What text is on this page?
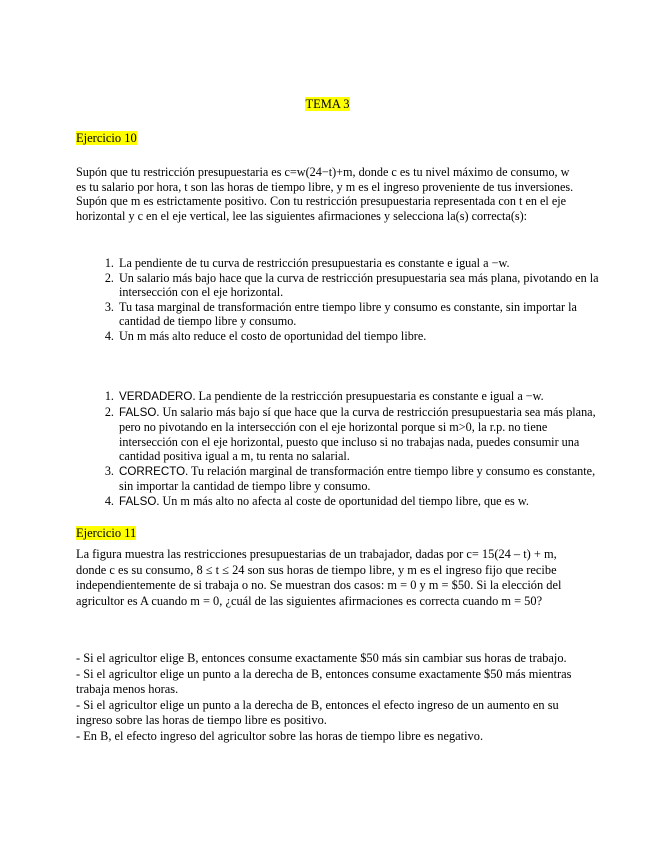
TEMA 3
Ejercicio 10
Supón que tu restricción presupuestaria es c=w(24−t)+m, donde c es tu nivel máximo de consumo, w es tu salario por hora, t son las horas de tiempo libre, y m es el ingreso proveniente de tus inversiones. Supón que m es estrictamente positivo. Con tu restricción presupuestaria representada con t en el eje horizontal y c en el eje vertical, lee las siguientes afirmaciones y selecciona la(s) correcta(s):
1. La pendiente de tu curva de restricción presupuestaria es constante e igual a −w.
2. Un salario más bajo hace que la curva de restricción presupuestaria sea más plana, pivotando en la intersección con el eje horizontal.
3. Tu tasa marginal de transformación entre tiempo libre y consumo es constante, sin importar la cantidad de tiempo libre y consumo.
4. Un m más alto reduce el costo de oportunidad del tiempo libre.
1. VERDADERO. La pendiente de la restricción presupuestaria es constante e igual a −w.
2. FALSO. Un salario más bajo sí que hace que la curva de restricción presupuestaria sea más plana, pero no pivotando en la intersección con el eje horizontal porque si m>0, la r.p. no tiene intersección con el eje horizontal, puesto que incluso si no trabajas nada, puedes consumir una cantidad positiva igual a m, tu renta no salarial.
3. CORRECTO. Tu relación marginal de transformación entre tiempo libre y consumo es constante, sin importar la cantidad de tiempo libre y consumo.
4. FALSO. Un m más alto no afecta al coste de oportunidad del tiempo libre, que es w.
Ejercicio 11
La figura muestra las restricciones presupuestarias de un trabajador, dadas por c= 15(24 – t) + m, donde c es su consumo, 8 ≤ t ≤ 24 son sus horas de tiempo libre, y m es el ingreso fijo que recibe independientemente de si trabaja o no. Se muestran dos casos: m = 0 y m = $50. Si la elección del agricultor es A cuando m = 0, ¿cuál de las siguientes afirmaciones es correcta cuando m = 50?
- Si el agricultor elige B, entonces consume exactamente $50 más sin cambiar sus horas de trabajo.
- Si el agricultor elige un punto a la derecha de B, entonces consume exactamente $50 más mientras trabaja menos horas.
- Si el agricultor elige un punto a la derecha de B, entonces el efecto ingreso de un aumento en su ingreso sobre las horas de tiempo libre es positivo.
- En B, el efecto ingreso del agricultor sobre las horas de tiempo libre es negativo.
